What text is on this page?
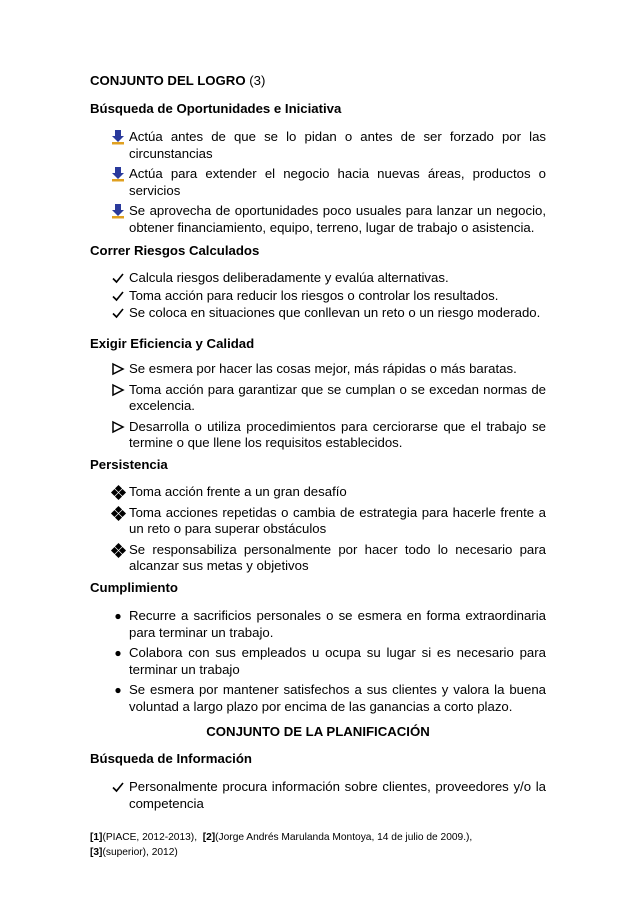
CONJUNTO DEL LOGRO (3)
Búsqueda de Oportunidades e Iniciativa
Actúa antes de que se lo pidan o antes de ser forzado por las circunstancias
Actúa para extender el negocio hacia nuevas áreas, productos o servicios
Se aprovecha de oportunidades poco usuales para lanzar un negocio, obtener financiamiento, equipo, terreno, lugar de trabajo o asistencia.
Correr Riesgos Calculados
Calcula riesgos deliberadamente y evalúa alternativas.
Toma acción para reducir los riesgos o controlar los resultados.
Se coloca en situaciones que conllevan un reto o un riesgo moderado.
Exigir Eficiencia y Calidad
Se esmera por hacer las cosas mejor, más rápidas o más baratas.
Toma acción para garantizar que se cumplan o se excedan normas de excelencia.
Desarrolla o utiliza procedimientos para cerciorarse que el trabajo se termine o que llene los requisitos establecidos.
Persistencia
Toma acción frente a un gran desafío
Toma acciones repetidas o cambia de estrategia para hacerle frente a un reto o para superar obstáculos
Se responsabiliza personalmente por hacer todo lo necesario para alcanzar sus metas y objetivos
Cumplimiento
Recurre a sacrificios personales o se esmera en forma extraordinaria para terminar un trabajo.
Colabora con sus empleados u ocupa su lugar si es necesario para terminar un trabajo
Se esmera por mantener satisfechos a sus clientes y valora la buena voluntad a largo plazo por encima de las ganancias a corto plazo.
CONJUNTO DE LA PLANIFICACIÓN
Búsqueda de Información
Personalmente procura información sobre clientes, proveedores y/o la competencia
[1](PIACE, 2012-2013), [2](Jorge Andrés Marulanda Montoya, 14 de julio de 2009.),
[3](superior), 2012)
